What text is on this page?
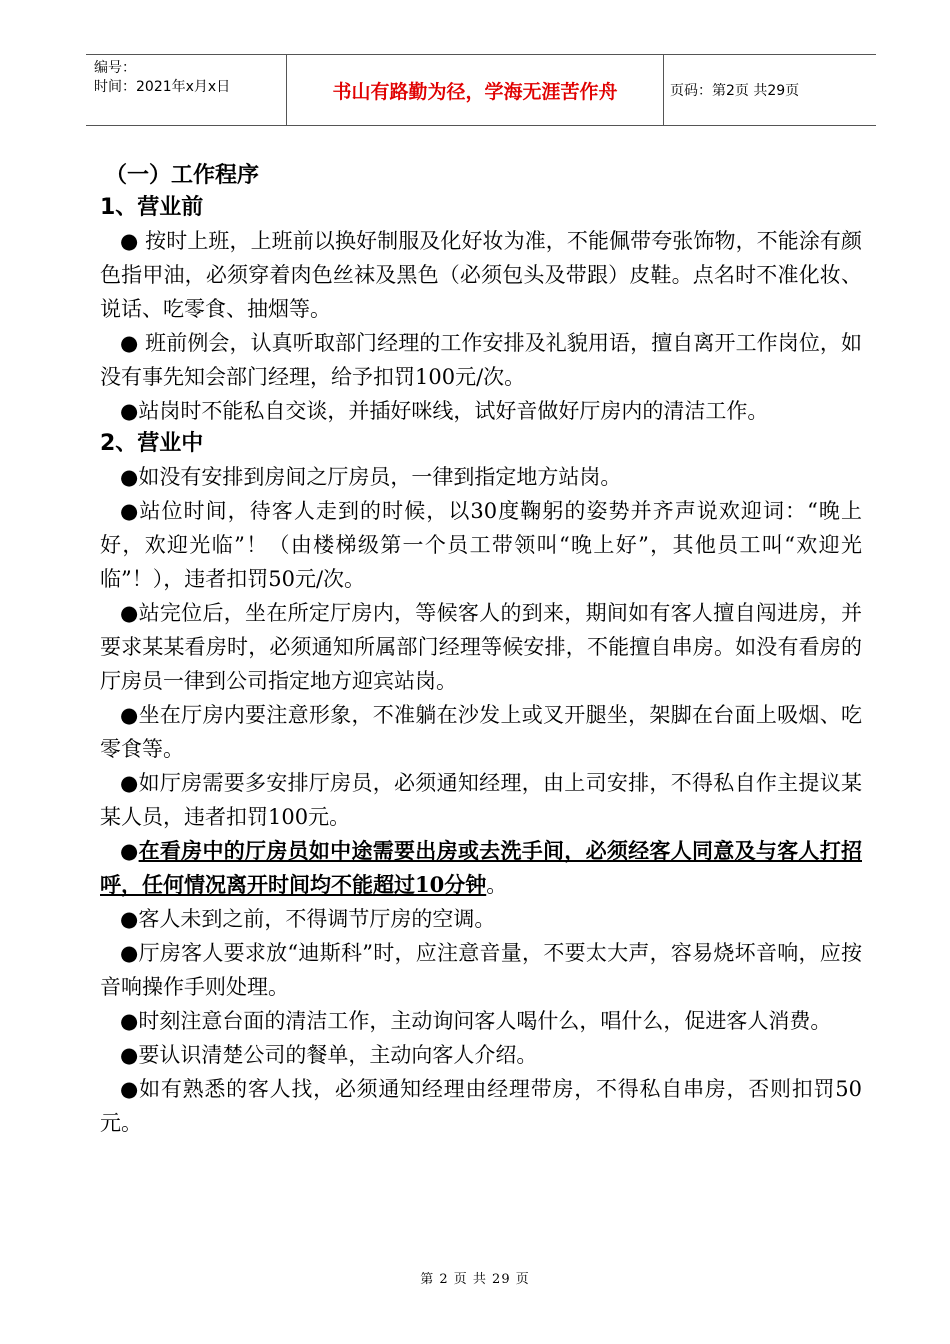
编号：
时间：2021年x月x日	书山有路勤为径，学海无涯苦作舟	页码：第2页 共29页
（一）工作程序
1、营业前

● 按时上班，上班前以换好制服及化好妆为准，不能佩带夸张饰物，不能涂有颜色指甲油，必须穿着肉色丝袜及黑色（必须包头及带跟）皮鞋。点名时不准化妆、说话、吃零食、抽烟等。

● 班前例会，认真听取部门经理的工作安排及礼貌用语，擅自离开工作岗位，如没有事先知会部门经理，给予扣罚100元/次。

●站岗时不能私自交谈，并插好咪线，试好音做好厅房内的清洁工作。

2、营业中

●如没有安排到房间之厅房员，一律到指定地方站岗。

●站位时间，待客人走到的时候，以30度鞠躬的姿势并齐声说欢迎词：“晚上好，欢迎光临”！（由楼梯级第一个员工带领叫“晚上好”，其他员工叫“欢迎光临”！），违者扣罚50元/次。

●站完位后，坐在所定厅房内，等候客人的到来，期间如有客人擅自闯进房，并要求某某看房时，必须通知所属部门经理等候安排，不能擅自串房。如没有看房的厅房员一律到公司指定地方迎宾站岗。

●坐在厅房内要注意形象，不准躺在沙发上或叉开腿坐，架脚在台面上吸烟、吃零食等。

●如厅房需要多安排厅房员，必须通知经理，由上司安排，不得私自作主提议某某人员，违者扣罚100元。

●在看房中的厅房员如中途需要出房或去洗手间，必须经客人同意及与客人打招呼，任何情况离开时间均不能超过10分钟。

●客人未到之前，不得调节厅房的空调。

●厅房客人要求放“迪斯科”时，应注意音量，不要太大声，容易烧坏音响，应按音响操作手则处理。

●时刻注意台面的清洁工作，主动询问客人喝什么，唱什么，促进客人消费。

●要认识清楚公司的餐单，主动向客人介绍。

●如有熟悉的客人找，必须通知经理由经理带房，不得私自串房，否则扣罚50元。

第 2 页 共 29 页
